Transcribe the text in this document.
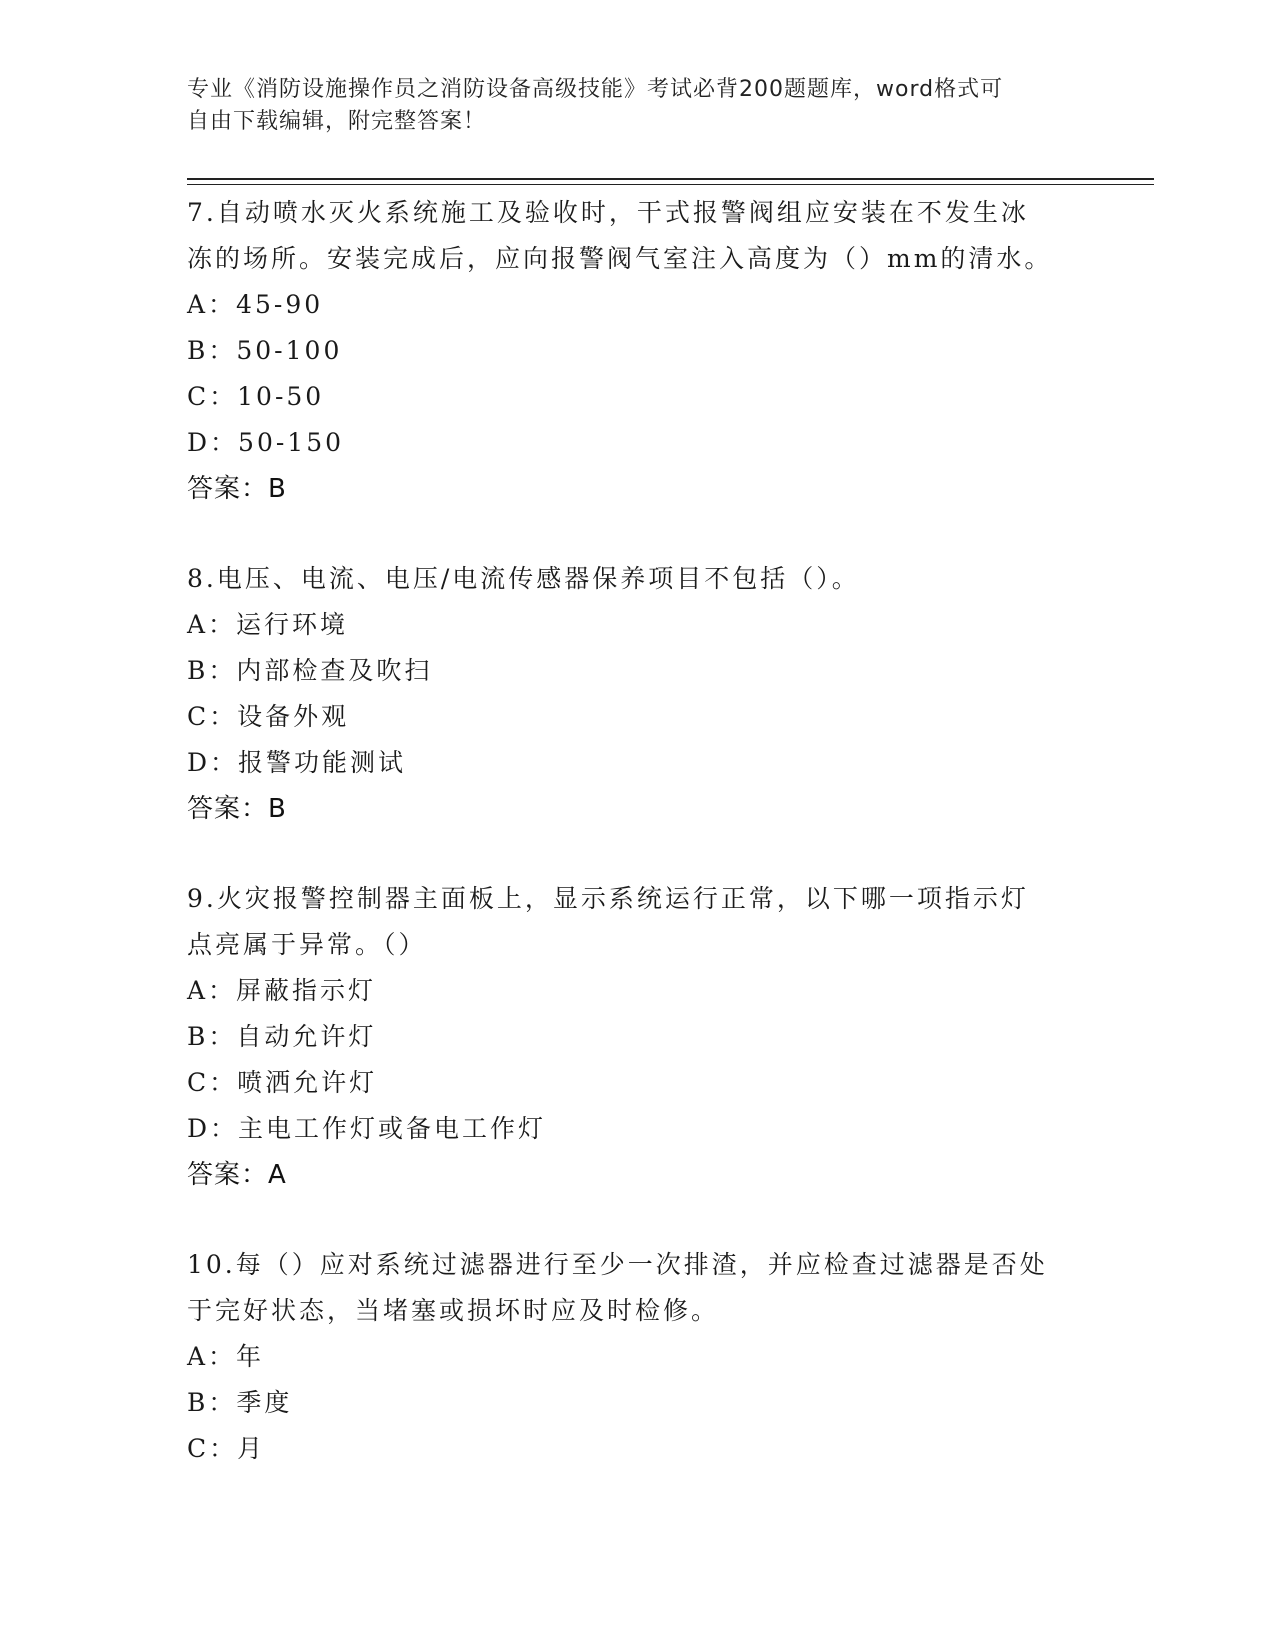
专业《消防设施操作员之消防设备高级技能》考试必背200题题库，word格式可
自由下载编辑，附完整答案！
7.自动喷水灭火系统施工及验收时，干式报警阀组应安装在不发生冰
冻的场所。安装完成后，应向报警阀气室注入高度为（）mm的清水。
A：45-90
B：50-100
C：10-50
D：50-150
答案：B
8.电压、电流、电压/电流传感器保养项目不包括（）。
A：运行环境
B：内部检查及吹扫
C：设备外观
D：报警功能测试
答案：B
9.火灾报警控制器主面板上，显示系统运行正常，以下哪一项指示灯
点亮属于异常。（）
A：屏蔽指示灯
B：自动允许灯
C：喷洒允许灯
D：主电工作灯或备电工作灯
答案：A
10.每（）应对系统过滤器进行至少一次排渣，并应检查过滤器是否处
于完好状态，当堵塞或损坏时应及时检修。
A：年
B：季度
C：月
